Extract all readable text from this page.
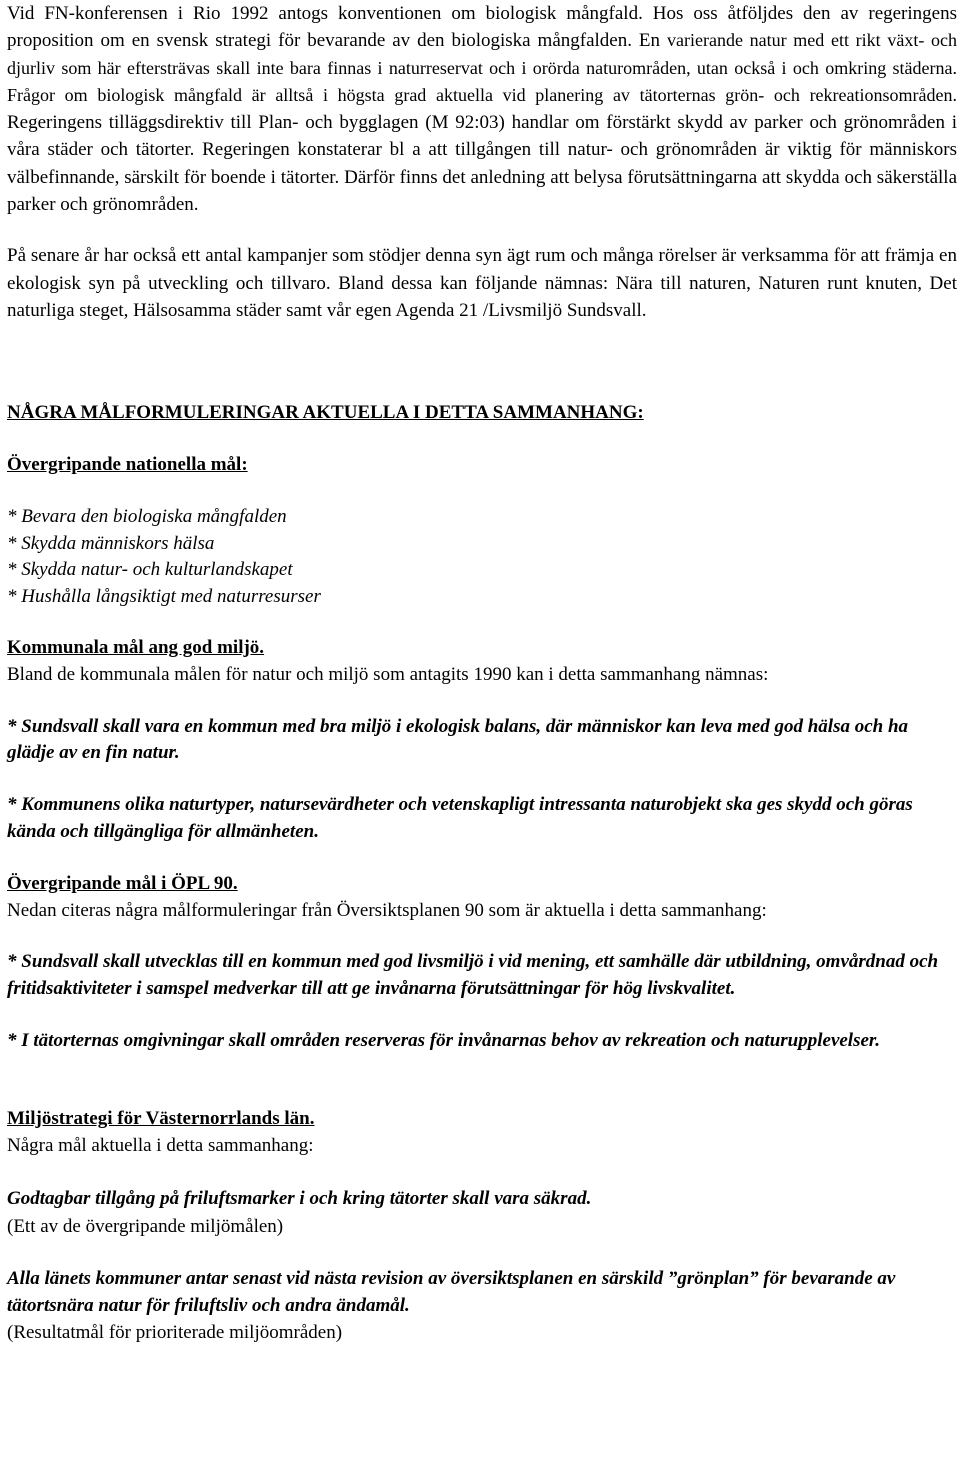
Vid FN-konferensen i Rio 1992 antogs konventionen om biologisk mångfald. Hos oss åtföljdes den av regeringens proposition om en svensk strategi för bevarande av den biologiska mångfalden. En varierande natur med ett rikt växt- och djurliv som här eftersträvas skall inte bara finnas i naturreservat och i orörda naturområden, utan också i och omkring städerna. Frågor om biologisk mångfald är alltså i högsta grad aktuella vid planering av tätorternas grön- och rekreationsområden. Regeringens tilläggsdirektiv till Plan- och bygglagen (M 92:03) handlar om förstärkt skydd av parker och grönområden i våra städer och tätorter. Regeringen konstaterar bl a att tillgången till natur- och grönområden är viktig för människors välbefinnande, särskilt för boende i tätorter. Därför finns det anledning att belysa förutsättningarna att skydda och säkerställa parker och grönområden.

På senare år har också ett antal kampanjer som stödjer denna syn ägt rum och många rörelser är verksamma för att främja en ekologisk syn på utveckling och tillvaro. Bland dessa kan följande nämnas: Nära till naturen, Naturen runt knuten, Det naturliga steget, Hälsosamma städer samt vår egen Agenda 21 /Livsmiljö Sundsvall.

NÅGRA MÅLFORMULERINGAR AKTUELLA I DETTA SAMMANHANG:

Övergripande nationella mål:

* Bevara den biologiska mångfalden
* Skydda människors hälsa
* Skydda natur- och kulturlandskapet
* Hushålla långsiktigt med naturresurser

Kommunala mål ang god miljö.

Bland de kommunala målen för natur och miljö som antagits 1990 kan i detta sammanhang nämnas:

* Sundsvall skall vara en kommun med bra miljö i ekologisk balans, där människor kan leva med god hälsa och ha glädje av en fin natur.

* Kommunens olika naturtyper, natursevärdheter och vetenskapligt intressanta naturobjekt ska ges skydd och göras kända och tillgängliga för allmänheten.

Övergripande mål i ÖPL 90.

Nedan citeras några målformuleringar från Översiktsplanen 90 som är aktuella i detta sammanhang:

* Sundsvall skall utvecklas till en kommun med god livsmiljö i vid mening, ett samhälle där utbildning, omvårdnad och fritidsaktiviteter i samspel medverkar till att ge invånarna förutsättningar för hög livskvalitet.

* I tätorternas omgivningar skall områden reserveras för invånarnas behov av rekreation och naturupplevelser.

Miljöstrategi för Västernorrlands län.

Några mål aktuella i detta sammanhang:

Godtagbar tillgång på friluftsmarker i och kring tätorter skall vara säkrad.

(Ett av de övergripande miljömålen)

Alla länets kommuner antar senast vid nästa revision av översiktsplanen en särskild ”grönplan” för bevarande av tätortsnära natur för friluftsliv och andra ändamål.

(Resultatmål för prioriterade miljöområden)
